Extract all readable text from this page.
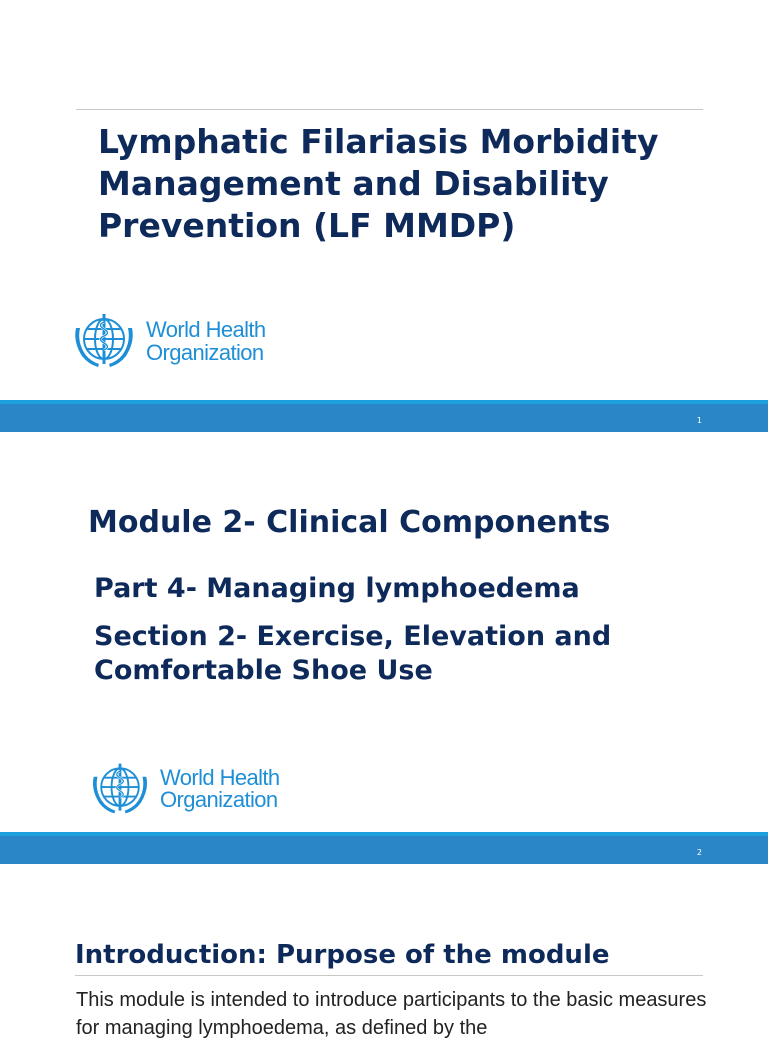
Lymphatic Filariasis Morbidity Management and Disability Prevention (LF MMDP)
World Health
Organization
1
Module 2- Clinical Components
Part 4- Managing lymphoedema
Section 2- Exercise, Elevation and Comfortable Shoe Use
World Health
Organization
2
Introduction: Purpose of the module

This module is intended to introduce participants to the basic measures for managing lymphoedema, as defined by the
